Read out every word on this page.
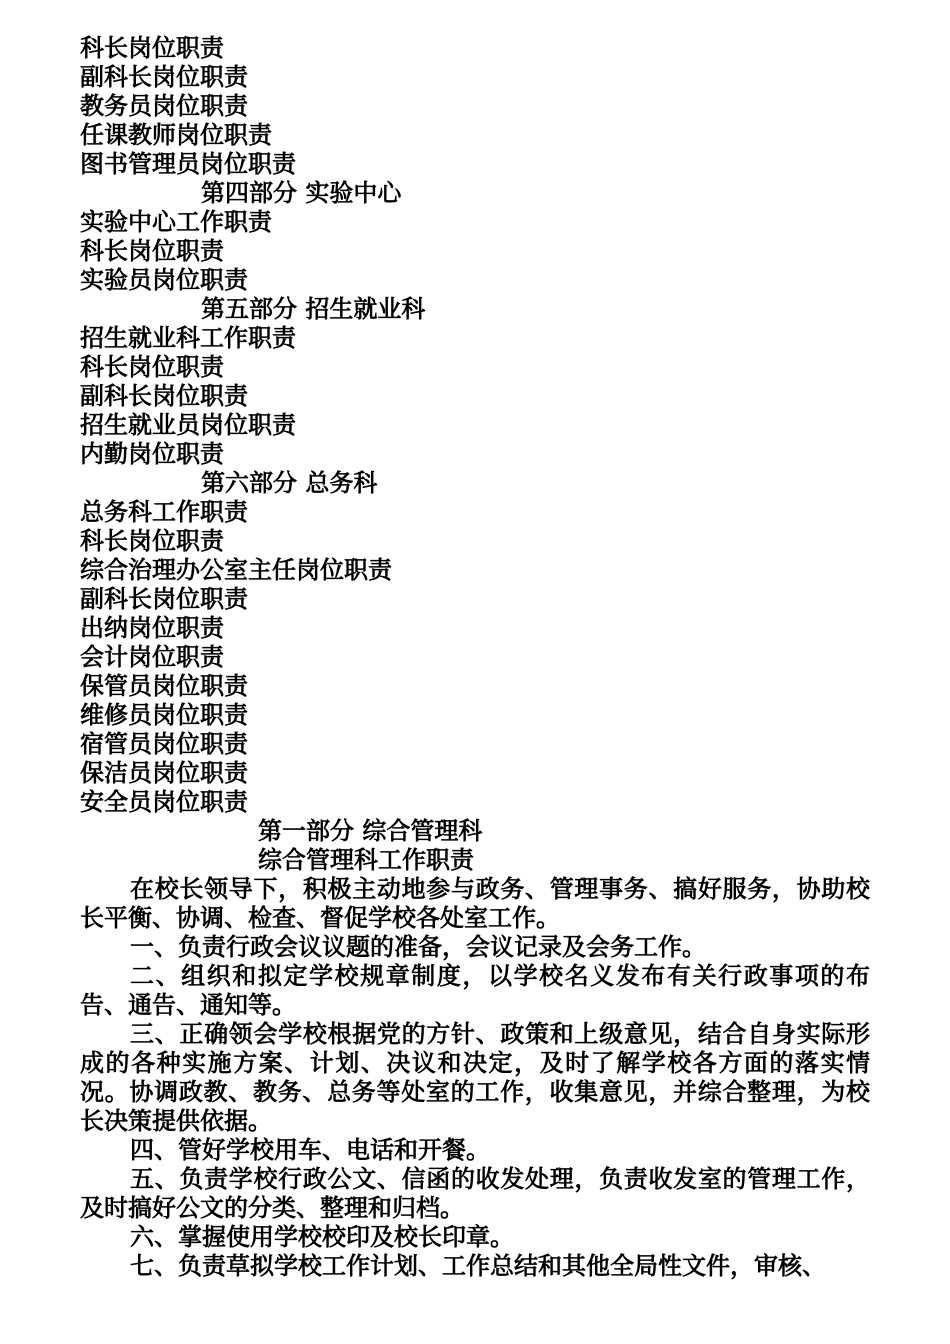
科长岗位职责
副科长岗位职责
教务员岗位职责
任课教师岗位职责
图书管理员岗位职责
第四部分 实验中心
实验中心工作职责
科长岗位职责
实验员岗位职责
第五部分 招生就业科
招生就业科工作职责
科长岗位职责
副科长岗位职责
招生就业员岗位职责
内勤岗位职责
第六部分 总务科
总务科工作职责
科长岗位职责
综合治理办公室主任岗位职责
副科长岗位职责
出纳岗位职责
会计岗位职责
保管员岗位职责
维修员岗位职责
宿管员岗位职责
保洁员岗位职责
安全员岗位职责
第一部分 综合管理科
综合管理科工作职责

在校长领导下，积极主动地参与政务、管理事务、搞好服务，协助校长平衡、协调、检查、督促学校各处室工作。

一、负责行政会议议题的准备，会议记录及会务工作。

二、组织和拟定学校规章制度，以学校名义发布有关行政事项的布告、通告、通知等。

三、正确领会学校根据党的方针、政策和上级意见，结合自身实际形成的各种实施方案、计划、决议和决定，及时了解学校各方面的落实情况。协调政教、教务、总务等处室的工作，收集意见，并综合整理，为校长决策提供依据。

四、管好学校用车、电话和开餐。

五、负责学校行政公文、信函的收发处理，负责收发室的管理工作，及时搞好公文的分类、整理和归档。

六、掌握使用学校校印及校长印章。

七、负责草拟学校工作计划、工作总结和其他全局性文件，审核、
